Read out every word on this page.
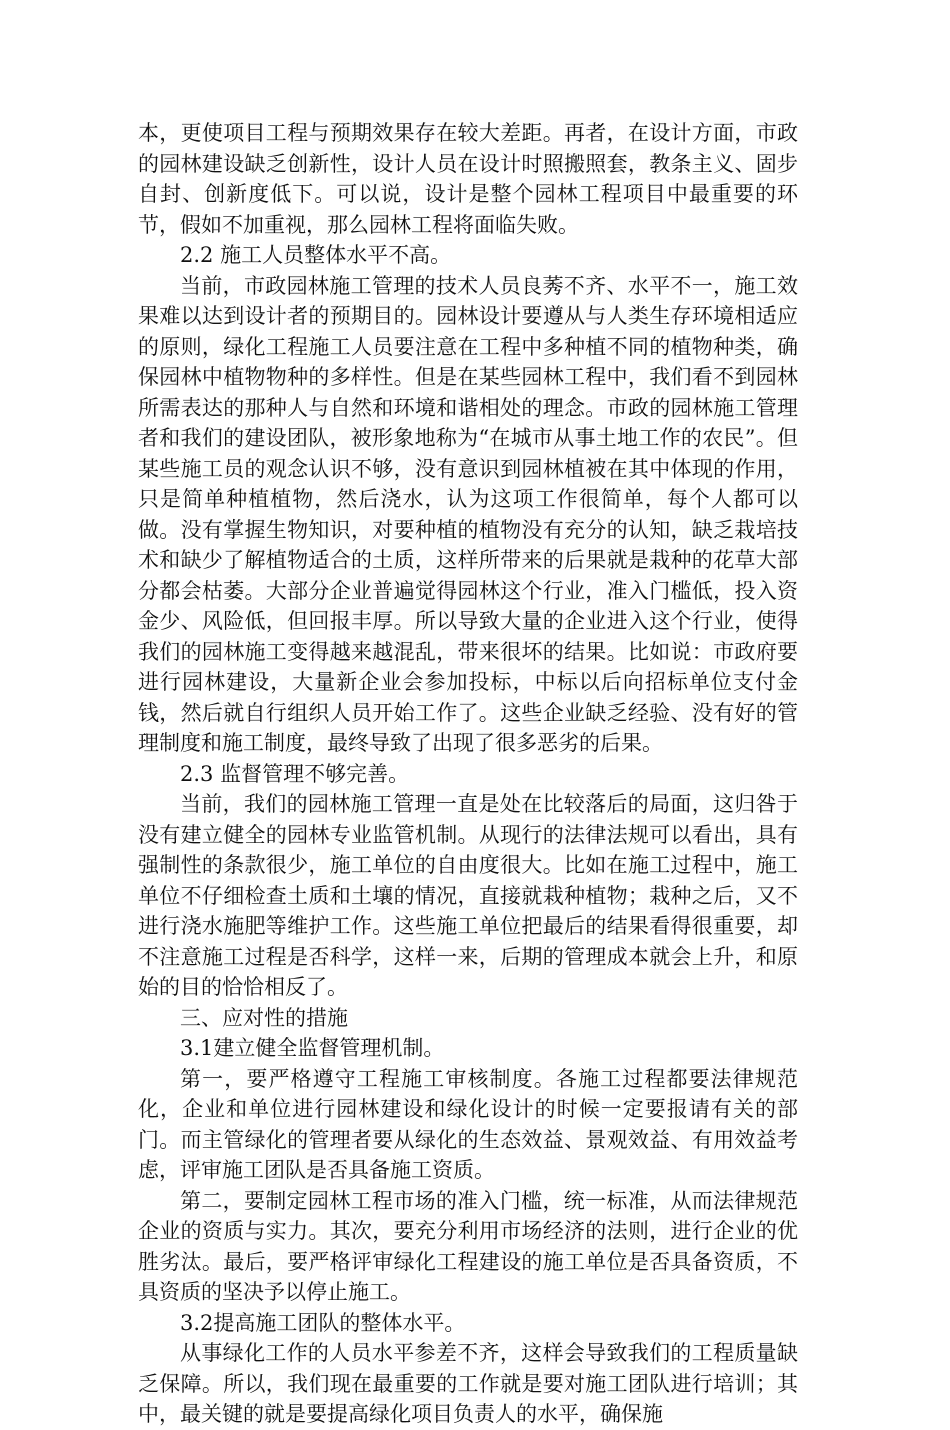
本，更使项目工程与预期效果存在较大差距。再者，在设计方面，市政的园林建设缺乏创新性，设计人员在设计时照搬照套，教条主义、固步自封、创新度低下。可以说，设计是整个园林工程项目中最重要的环节，假如不加重视，那么园林工程将面临失败。

2.2 施工人员整体水平不高。

当前，市政园林施工管理的技术人员良莠不齐、水平不一，施工效果难以达到设计者的预期目的。园林设计要遵从与人类生存环境相适应的原则，绿化工程施工人员要注意在工程中多种植不同的植物种类，确保园林中植物物种的多样性。但是在某些园林工程中，我们看不到园林所需表达的那种人与自然和环境和谐相处的理念。市政的园林施工管理者和我们的建设团队，被形象地称为“在城市从事土地工作的农民”。但某些施工员的观念认识不够，没有意识到园林植被在其中体现的作用，只是简单种植植物，然后浇水，认为这项工作很简单，每个人都可以做。没有掌握生物知识，对要种植的植物没有充分的认知，缺乏栽培技术和缺少了解植物适合的土质，这样所带来的后果就是栽种的花草大部分都会枯萎。大部分企业普遍觉得园林这个行业，准入门槛低，投入资金少、风险低，但回报丰厚。所以导致大量的企业进入这个行业，使得我们的园林施工变得越来越混乱，带来很坏的结果。比如说：市政府要进行园林建设，大量新企业会参加投标，中标以后向招标单位支付金钱，然后就自行组织人员开始工作了。这些企业缺乏经验、没有好的管理制度和施工制度，最终导致了出现了很多恶劣的后果。

2.3 监督管理不够完善。

当前，我们的园林施工管理一直是处在比较落后的局面，这归咎于没有建立健全的园林专业监管机制。从现行的法律法规可以看出，具有强制性的条款很少，施工单位的自由度很大。比如在施工过程中，施工单位不仔细检查土质和土壤的情况，直接就栽种植物；栽种之后，又不进行浇水施肥等维护工作。这些施工单位把最后的结果看得很重要，却不注意施工过程是否科学，这样一来，后期的管理成本就会上升，和原始的目的恰恰相反了。

三、应对性的措施

3.1建立健全监督管理机制。

第一，要严格遵守工程施工审核制度。各施工过程都要法律规范化，企业和单位进行园林建设和绿化设计的时候一定要报请有关的部门。而主管绿化的管理者要从绿化的生态效益、景观效益、有用效益考虑，评审施工团队是否具备施工资质。

第二，要制定园林工程市场的准入门槛，统一标准，从而法律规范企业的资质与实力。其次，要充分利用市场经济的法则，进行企业的优胜劣汰。最后，要严格评审绿化工程建设的施工单位是否具备资质，不具资质的坚决予以停止施工。

3.2提高施工团队的整体水平。

从事绿化工作的人员水平参差不齐，这样会导致我们的工程质量缺乏保障。所以，我们现在最重要的工作就是要对施工团队进行培训；其中，最关键的就是要提高绿化项目负责人的水平，确保施
